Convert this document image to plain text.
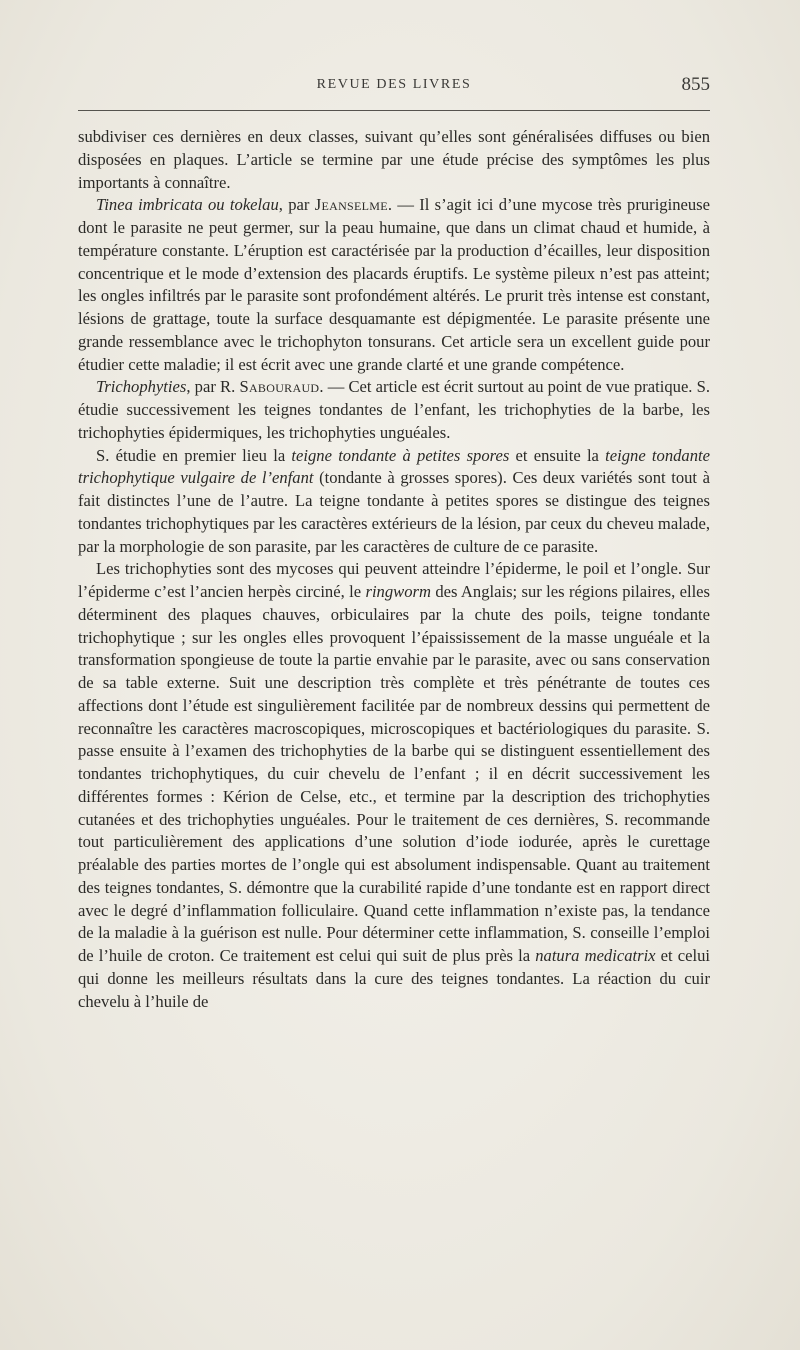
REVUE DES LIVRES	855

subdiviser ces dernières en deux classes, suivant qu’elles sont généralisées diffuses ou bien disposées en plaques. L’article se termine par une étude précise des symptômes les plus importants à connaître.

Tinea imbricata ou tokelau, par Jeanselme. — Il s’agit ici d’une mycose très prurigineuse dont le parasite ne peut germer, sur la peau humaine, que dans un climat chaud et humide, à température constante. L’éruption est caractérisée par la production d’écailles, leur disposition concentrique et le mode d’extension des placards éruptifs. Le système pileux n’est pas atteint; les ongles infiltrés par le parasite sont profondément altérés. Le prurit très intense est constant, lésions de grattage, toute la surface desquamante est dépigmentée. Le parasite présente une grande ressemblance avec le trichophyton tonsurans. Cet article sera un excellent guide pour étudier cette maladie; il est écrit avec une grande clarté et une grande compétence.

Trichophyties, par R. Sabouraud. — Cet article est écrit surtout au point de vue pratique. S. étudie successivement les teignes tondantes de l’enfant, les trichophyties de la barbe, les trichophyties épidermiques, les trichophyties unguéales.

S. étudie en premier lieu la teigne tondante à petites spores et ensuite la teigne tondante trichophytique vulgaire de l’enfant (tondante à grosses spores). Ces deux variétés sont tout à fait distinctes l’une de l’autre. La teigne tondante à petites spores se distingue des teignes tondantes trichophytiques par les caractères extérieurs de la lésion, par ceux du cheveu malade, par la morphologie de son parasite, par les caractères de culture de ce parasite.

Les trichophyties sont des mycoses qui peuvent atteindre l’épiderme, le poil et l’ongle. Sur l’épiderme c’est l’ancien herpès circiné, le ringworm des Anglais; sur les régions pilaires, elles déterminent des plaques chauves, orbiculaires par la chute des poils, teigne tondante trichophytique ; sur les ongles elles provoquent l’épaississement de la masse unguéale et la transformation spongieuse de toute la partie envahie par le parasite, avec ou sans conservation de sa table externe. Suit une description très complète et très pénétrante de toutes ces affections dont l’étude est singulièrement facilitée par de nombreux dessins qui permettent de reconnaître les caractères macroscopiques, microscopiques et bactériologiques du parasite. S. passe ensuite à l’examen des trichophyties de la barbe qui se distinguent essentiellement des tondantes trichophytiques, du cuir chevelu de l’enfant ; il en décrit successivement les différentes formes : Kérion de Celse, etc., et termine par la description des trichophyties cutanées et des trichophyties unguéales. Pour le traitement de ces dernières, S. recommande tout particulièrement des applications d’une solution d’iode iodurée, après le curettage préalable des parties mortes de l’ongle qui est absolument indispensable. Quant au traitement des teignes tondantes, S. démontre que la curabilité rapide d’une tondante est en rapport direct avec le degré d’inflammation folliculaire. Quand cette inflammation n’existe pas, la tendance de la maladie à la guérison est nulle. Pour déterminer cette inflammation, S. conseille l’emploi de l’huile de croton. Ce traitement est celui qui suit de plus près la natura medicatrix et celui qui donne les meilleurs résultats dans la cure des teignes tondantes. La réaction du cuir chevelu à l’huile de
